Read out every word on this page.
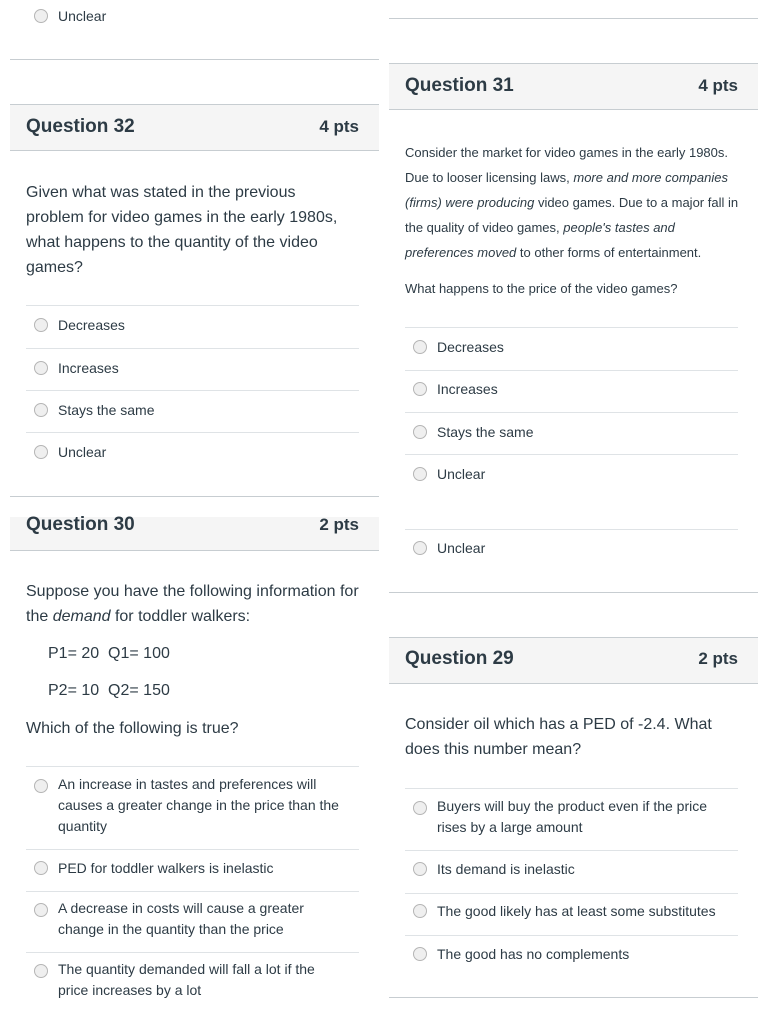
Unclear
Question 32	4 pts
Given what was stated in the previous problem for video games in the early 1980s, what happens to the quantity of the video games?
Decreases
Increases
Stays the same
Unclear
Question 30	2 pts
Suppose you have the following information for the demand for toddler walkers:
P1= 20  Q1= 100
P2= 10  Q2= 150
Which of the following is true?
An increase in tastes and preferences will causes a greater change in the price than the quantity
PED for toddler walkers is inelastic
A decrease in costs will cause a greater change in the quantity than the price
The quantity demanded will fall a lot if the price increases by a lot
Question 31	4 pts
Consider the market for video games in the early 1980s. Due to looser licensing laws, more and more companies (firms) were producing video games. Due to a major fall in the quality of video games, people's tastes and preferences moved to other forms of entertainment.
What happens to the price of the video games?
Decreases
Increases
Stays the same
Unclear
Unclear
Question 29	2 pts
Consider oil which has a PED of -2.4. What does this number mean?
Buyers will buy the product even if the price rises by a large amount
Its demand is inelastic
The good likely has at least some substitutes
The good has no complements
